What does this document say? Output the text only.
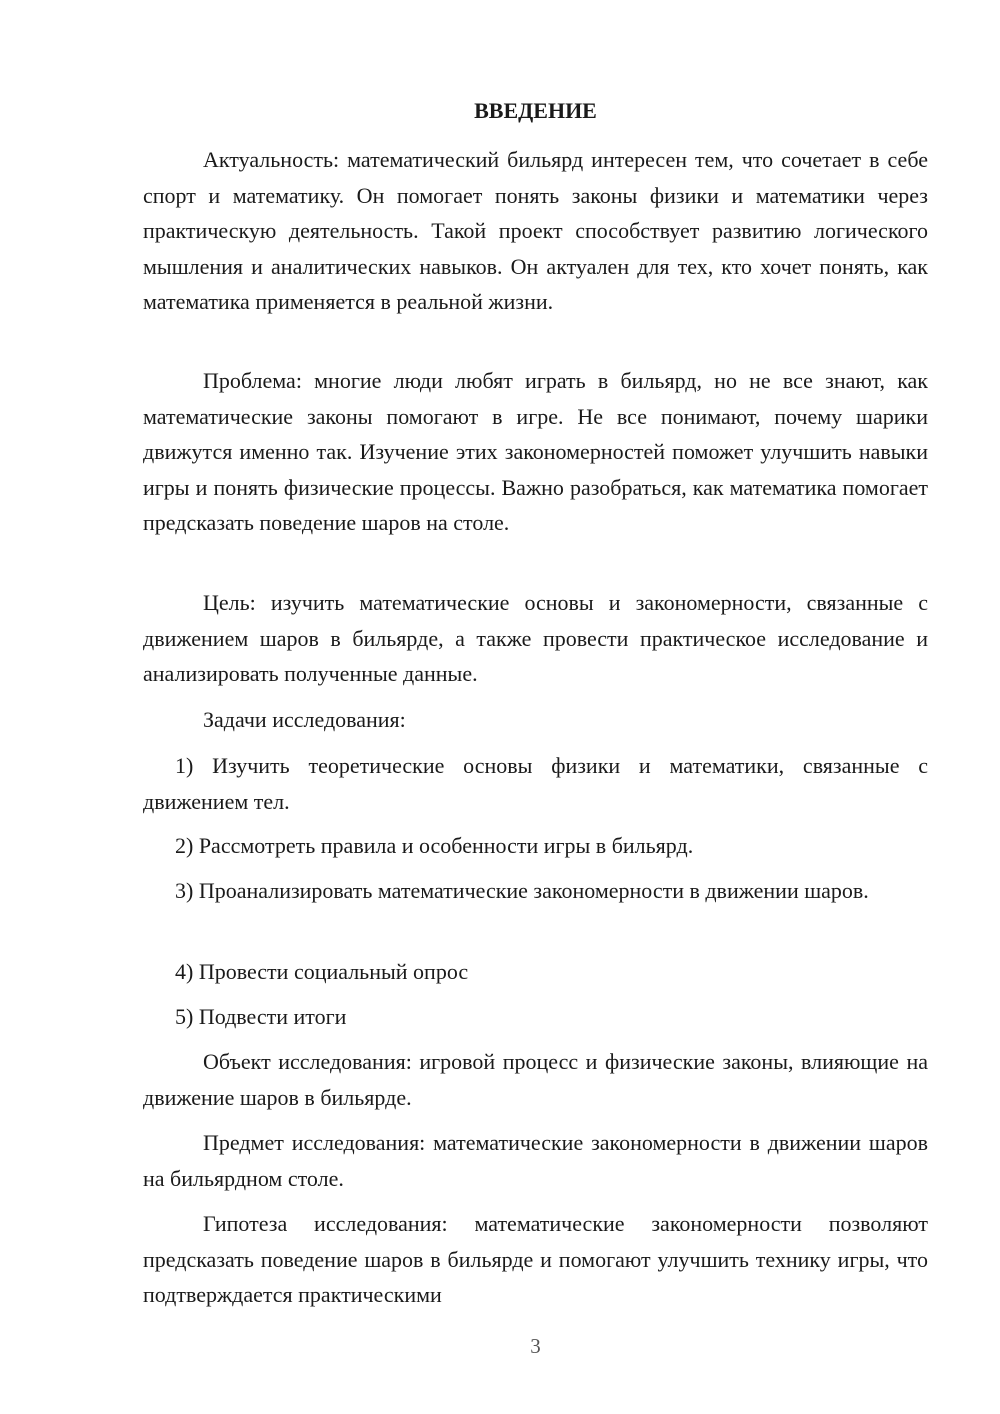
ВВЕДЕНИЕ

Актуальность: математический бильярд интересен тем, что сочетает в себе спорт и математику. Он помогает понять законы физики и математики через практическую деятельность. Такой проект способствует развитию логического мышления и аналитических навыков. Он актуален для тех, кто хочет понять, как математика применяется в реальной жизни.

Проблема: многие люди любят играть в бильярд, но не все знают, как математические законы помогают в игре. Не все понимают, почему шарики движутся именно так. Изучение этих закономерностей поможет улучшить навыки игры и понять физические процессы. Важно разобраться, как математика помогает предсказать поведение шаров на столе.

Цель: изучить математические основы и закономерности, связанные с движением шаров в бильярде, а также провести практическое исследование и анализировать полученные данные.

Задачи исследования:

1) Изучить теоретические основы физики и математики, связанные с движением тел.

2) Рассмотреть правила и особенности игры в бильярд.

3) Проанализировать математические закономерности в движении шаров.

4) Провести социальный опрос

5) Подвести итоги

Объект исследования: игровой процесс и физические законы, влияющие на движение шаров в бильярде.

Предмет исследования: математические закономерности в движении шаров на бильярдном столе.

Гипотеза исследования: математические закономерности позволяют предсказать поведение шаров в бильярде и помогают улучшить технику игры, что подтверждается практическими

3
